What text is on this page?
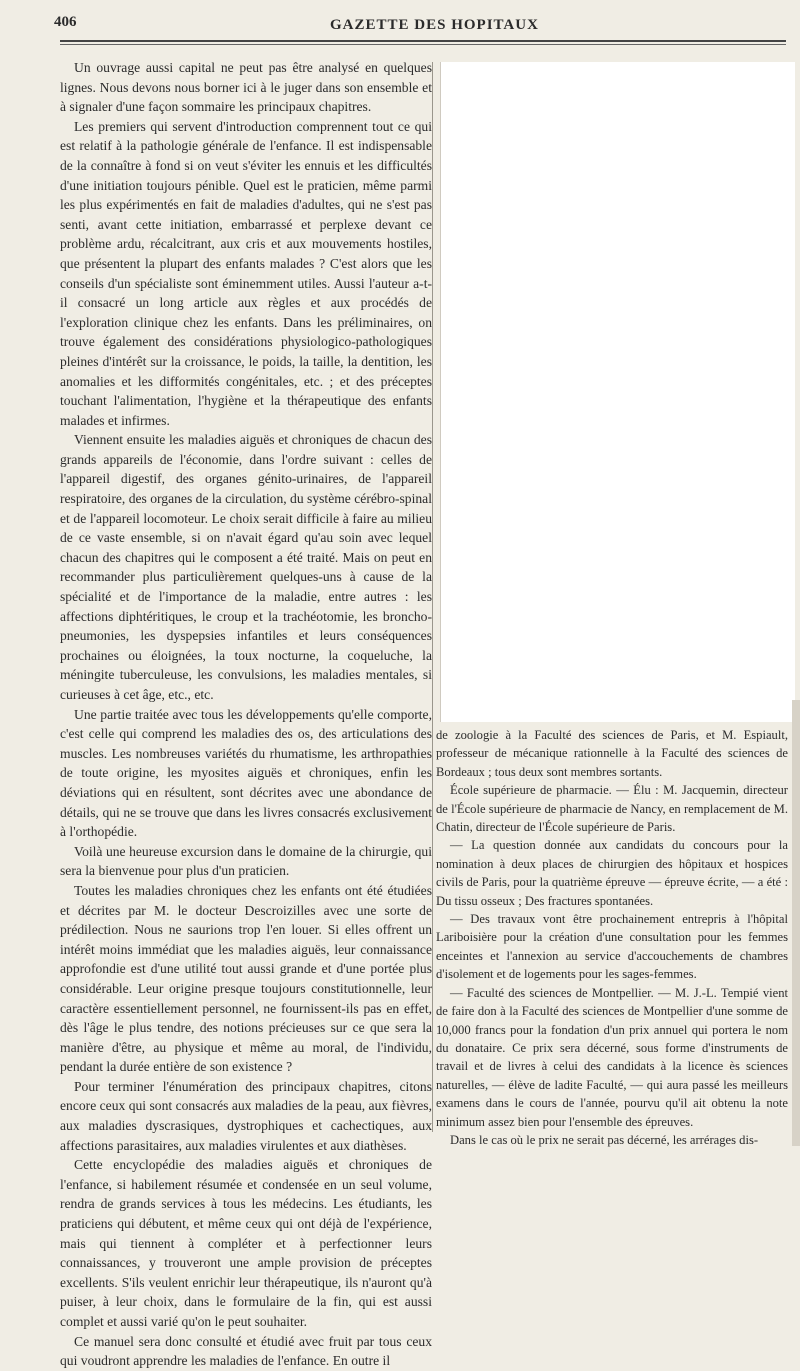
406	GAZETTE DES HOPITAUX

Un ouvrage aussi capital ne peut pas être analysé en quelques lignes. Nous devons nous borner ici à le juger dans son ensemble et à signaler d'une façon sommaire les principaux chapitres.

Les premiers qui servent d'introduction comprennent tout ce qui est relatif à la pathologie générale de l'enfance. Il est indispensable de la connaître à fond si on veut s'éviter les ennuis et les difficultés d'une initiation toujours pénible. Quel est le praticien, même parmi les plus expérimentés en fait de maladies d'adultes, qui ne s'est pas senti, avant cette initiation, embarrassé et perplexe devant ce problème ardu, récalcitrant, aux cris et aux mouvements hostiles, que présentent la plupart des enfants malades ? C'est alors que les conseils d'un spécialiste sont éminemment utiles. Aussi l'auteur a-t-il consacré un long article aux règles et aux procédés de l'exploration clinique chez les enfants. Dans les préliminaires, on trouve également des considérations physiologico-pathologiques pleines d'intérêt sur la croissance, le poids, la taille, la dentition, les anomalies et les difformités congénitales, etc. ; et des préceptes touchant l'alimentation, l'hygiène et la thérapeutique des enfants malades et infirmes.

Viennent ensuite les maladies aiguës et chroniques de chacun des grands appareils de l'économie, dans l'ordre suivant : celles de l'appareil digestif, des organes génito-urinaires, de l'appareil respiratoire, des organes de la circulation, du système cérébro-spinal et de l'appareil locomoteur. Le choix serait difficile à faire au milieu de ce vaste ensemble, si on n'avait égard qu'au soin avec lequel chacun des chapitres qui le composent a été traité. Mais on peut en recommander plus particulièrement quelques-uns à cause de la spécialité et de l'importance de la maladie, entre autres : les affections diphtéritiques, le croup et la trachéotomie, les broncho-pneumonies, les dyspepsies infantiles et leurs conséquences prochaines ou éloignées, la toux nocturne, la coqueluche, la méningite tuberculeuse, les convulsions, les maladies mentales, si curieuses à cet âge, etc., etc.

Une partie traitée avec tous les développements qu'elle comporte, c'est celle qui comprend les maladies des os, des articulations des muscles. Les nombreuses variétés du rhumatisme, les arthropathies de toute origine, les myosites aiguës et chroniques, enfin les déviations qui en résultent, sont décrites avec une abondance de détails, qui ne se trouve que dans les livres consacrés exclusivement à l'orthopédie.

Voilà une heureuse excursion dans le domaine de la chirurgie, qui sera la bienvenue pour plus d'un praticien.

Toutes les maladies chroniques chez les enfants ont été étudiées et décrites par M. le docteur Descroizilles avec une sorte de prédilection. Nous ne saurions trop l'en louer. Si elles offrent un intérêt moins immédiat que les maladies aiguës, leur connaissance approfondie est d'une utilité tout aussi grande et d'une portée plus considérable. Leur origine presque toujours constitutionnelle, leur caractère essentiellement personnel, ne fournissent-ils pas en effet, dès l'âge le plus tendre, des notions précieuses sur ce que sera la manière d'être, au physique et même au moral, de l'individu, pendant la durée entière de son existence ?

Pour terminer l'énumération des principaux chapitres, citons encore ceux qui sont consacrés aux maladies de la peau, aux fièvres, aux maladies dyscrasiques, dystrophiques et cachectiques, aux affections parasitaires, aux maladies virulentes et aux diathèses.

Cette encyclopédie des maladies aiguës et chroniques de l'enfance, si habilement résumée et condensée en un seul volume, rendra de grands services à tous les médecins. Les étudiants, les praticiens qui débutent, et même ceux qui ont déjà de l'expérience, mais qui tiennent à compléter et à perfectionner leurs connaissances, y trouveront une ample provision de préceptes excellents. S'ils veulent enrichir leur thérapeutique, ils n'auront qu'à puiser, à leur choix, dans le formulaire de la fin, qui est aussi complet et aussi varié qu'on le peut souhaiter.

Ce manuel sera donc consulté et étudié avec fruit par tous ceux qui voudront apprendre les maladies de l'enfance. En outre il

de zoologie à la Faculté des sciences de Paris, et M. Espiault, professeur de mécanique rationnelle à la Faculté des sciences de Bordeaux ; tous deux sont membres sortants.

École supérieure de pharmacie. — Élu : M. Jacquemin, directeur de l'École supérieure de pharmacie de Nancy, en remplacement de M. Chatin, directeur de l'École supérieure de Paris.

— La question donnée aux candidats du concours pour la nomination à deux places de chirurgien des hôpitaux et hospices civils de Paris, pour la quatrième épreuve — épreuve écrite, — a été : Du tissu osseux ; Des fractures spontanées.

— Des travaux vont être prochainement entrepris à l'hôpital Lariboisière pour la création d'une consultation pour les femmes enceintes et l'annexion au service d'accouchements de chambres d'isolement et de logements pour les sages-femmes.

— Faculté des sciences de Montpellier. — M. J.-L. Tempié vient de faire don à la Faculté des sciences de Montpellier d'une somme de 10,000 francs pour la fondation d'un prix annuel qui portera le nom du donataire. Ce prix sera décerné, sous forme d'instruments de travail et de livres à celui des candidats à la licence ès sciences naturelles, — élève de ladite Faculté, — qui aura passé les meilleurs examens dans le cours de l'année, pourvu qu'il ait obtenu la note minimum assez bien pour l'ensemble des épreuves.

Dans le cas où le prix ne serait pas décerné, les arrérages dis-
